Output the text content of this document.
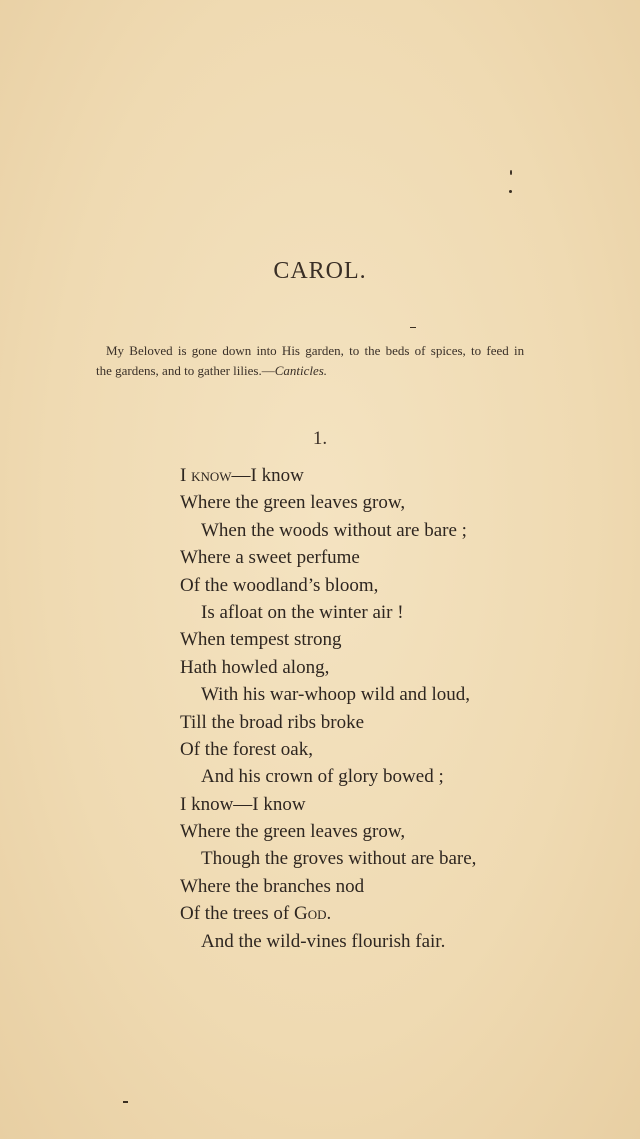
CAROL.
My Beloved is gone down into His garden, to the beds of spices, to feed in
the gardens, and to gather lilies.—Canticles.
1.
I know—I know
Where the green leaves grow,
When the woods without are bare ;
Where a sweet perfume
Of the woodland’s bloom,
Is afloat on the winter air !
When tempest strong
Hath howled along,
With his war-whoop wild and loud,
Till the broad ribs broke
Of the forest oak,
And his crown of glory bowed ;
I know—I know
Where the green leaves grow,
Though the groves without are bare,
Where the branches nod
Of the trees of God.
And the wild-vines flourish fair.
